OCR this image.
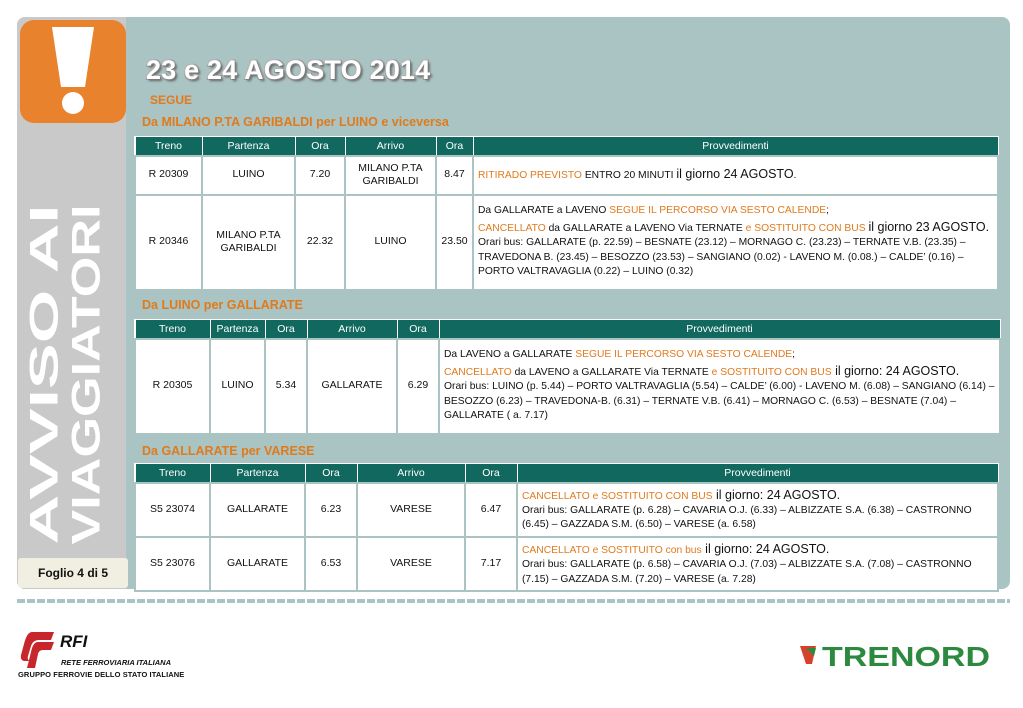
AVVISO AI
VIAGGIATORI
Foglio 4 di 5
23 e 24 AGOSTO 2014
SEGUE
Da MILANO P.TA GARIBALDI per LUINO e viceversa
Treno	Partenza	Ora	Arrivo	Ora	Provvedimenti
R 20309	LUINO	7.20	MILANO P.TA GARIBALDI	8.47	RITIRADO PREVISTO ENTRO 20 MINUTI il giorno 24 AGOSTO.
R 20346	MILANO P.TA GARIBALDI	22.32	LUINO	23.50	Da GALLARATE a LAVENO SEGUE IL PERCORSO VIA SESTO CALENDE;
CANCELLATO da GALLARATE a LAVENO Via TERNATE e SOSTITUITO CON BUS il giorno 23 AGOSTO.
Orari bus: GALLARATE (p. 22.59) – BESNATE (23.12) – MORNAGO C. (23.23) – TERNATE V.B. (23.35) – TRAVEDONA B. (23.45) – BESOZZO (23.53) – SANGIANO (0.02) - LAVENO M. (0.08.) – CALDE’ (0.16) – PORTO VALTRAVAGLIA (0.22) – LUINO (0.32)
Da LUINO per GALLARATE
Treno	Partenza	Ora	Arrivo	Ora	Provvedimenti
R 20305	LUINO	5.34	GALLARATE	6.29	Da LAVENO a GALLARATE SEGUE IL PERCORSO VIA SESTO CALENDE;
CANCELLATO da LAVENO a GALLARATE Via TERNATE e SOSTITUITO CON BUS il giorno: 24 AGOSTO.
Orari bus: LUINO (p. 5.44) – PORTO VALTRAVAGLIA (5.54) – CALDE’ (6.00) - LAVENO M. (6.08) – SANGIANO (6.14) – BESOZZO (6.23) – TRAVEDONA-B. (6.31) – TERNATE V.B. (6.41) – MORNAGO C. (6.53) – BESNATE (7.04) – GALLARATE ( a. 7.17)
Da GALLARATE per VARESE
Treno	Partenza	Ora	Arrivo	Ora	Provvedimenti
S5 23074	GALLARATE	6.23	VARESE	6.47	CANCELLATO e SOSTITUITO CON BUS il giorno: 24 AGOSTO.
Orari bus: GALLARATE (p. 6.28) – CAVARIA O.J. (6.33) – ALBIZZATE S.A. (6.38) – CASTRONNO (6.45) – GAZZADA S.M. (6.50) – VARESE (a. 6.58)
S5 23076	GALLARATE	6.53	VARESE	7.17	CANCELLATO e SOSTITUITO con bus il giorno: 24 AGOSTO.
Orari bus: GALLARATE (p. 6.58) – CAVARIA O.J. (7.03) – ALBIZZATE S.A. (7.08) – CASTRONNO (7.15) – GAZZADA S.M. (7.20) – VARESE (a. 7.28)
RFI
RETE FERROVIARIA ITALIANA
GRUPPO FERROVIE DELLO STATO ITALIANE
TRENORD
